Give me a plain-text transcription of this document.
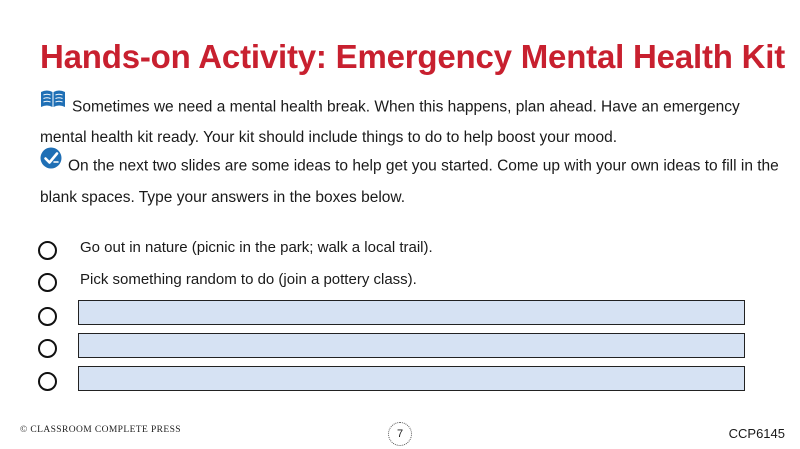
Hands-on Activity: Emergency Mental Health Kit
Sometimes we need a mental health break. When this happens, plan ahead. Have an emergency mental health kit ready. Your kit should include things to do to help boost your mood.
On the next two slides are some ideas to help get you started. Come up with your own ideas to fill in the blank spaces. Type your answers in the boxes below.
Go out in nature (picnic in the park; walk a local trail).
Pick something random to do (join a pottery class).
© CLASSROOM COMPLETE PRESS	7	CCP6145
